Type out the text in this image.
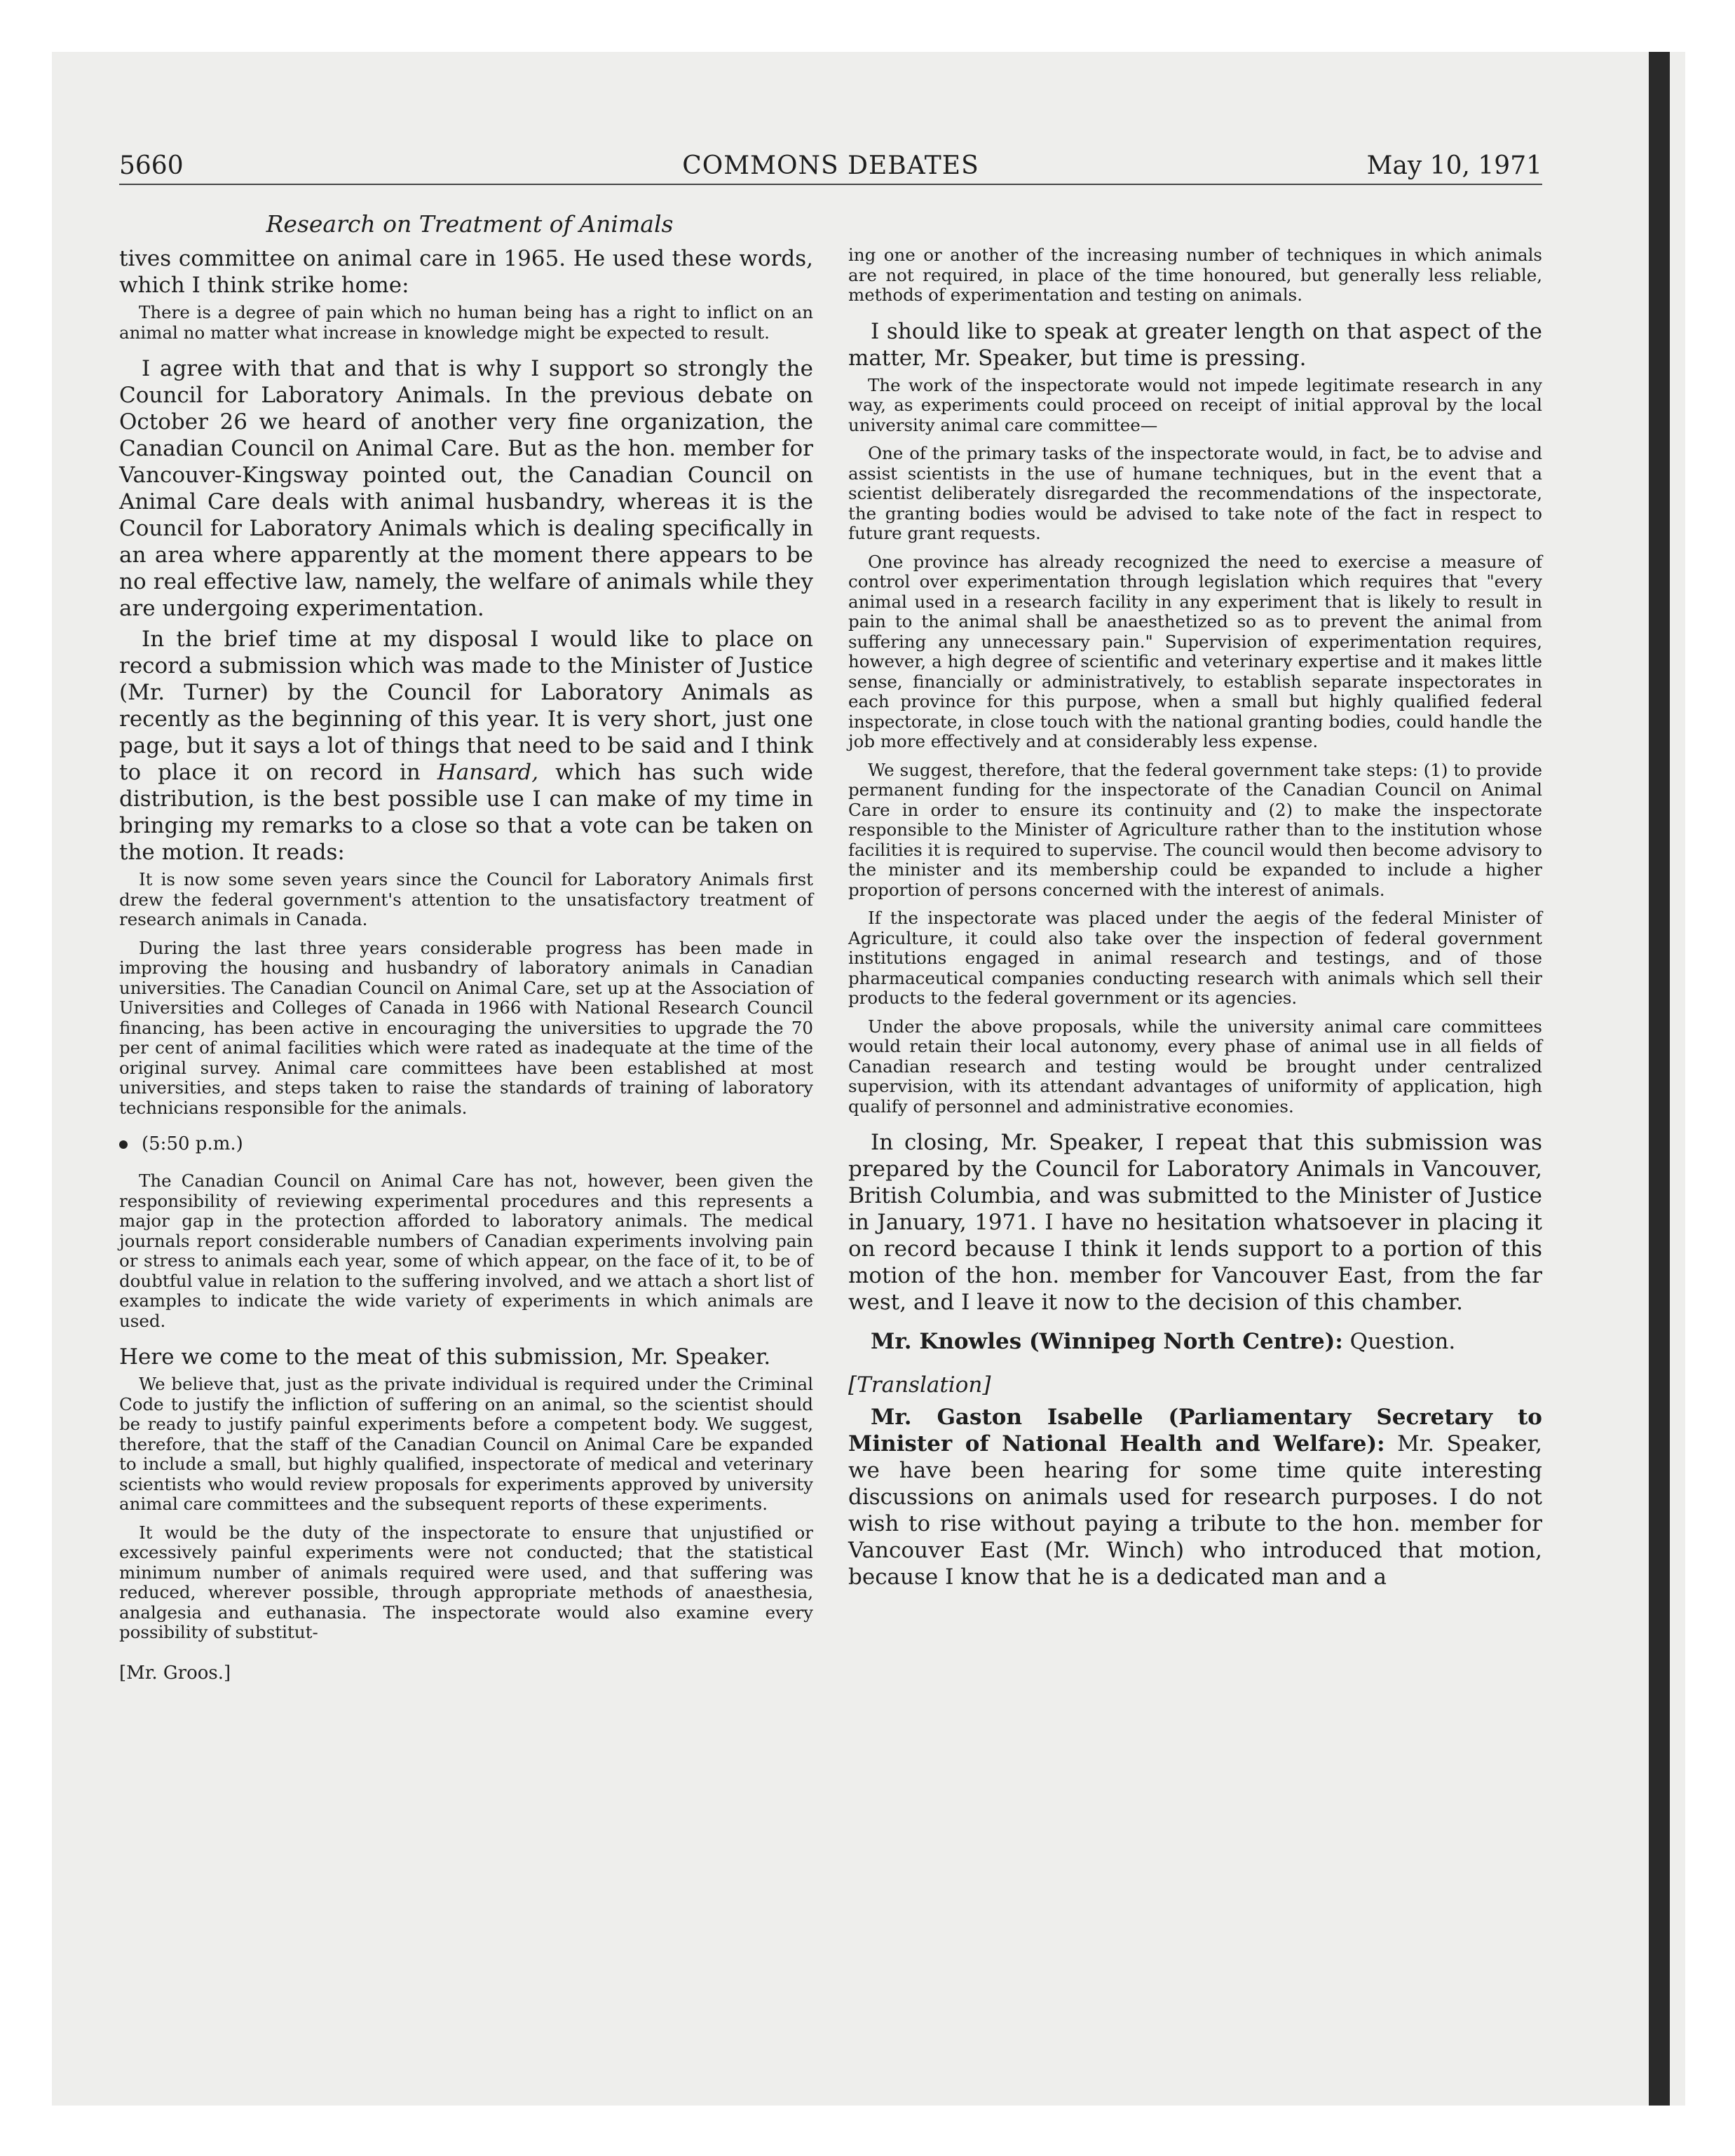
5660	COMMONS DEBATES	May 10, 1971
Research on Treatment of Animals

tives committee on animal care in 1965. He used these words, which I think strike home:

There is a degree of pain which no human being has a right to inflict on an animal no matter what increase in knowledge might be expected to result.

I agree with that and that is why I support so strongly the Council for Laboratory Animals. In the previous debate on October 26 we heard of another very fine organization, the Canadian Council on Animal Care. But as the hon. member for Vancouver-Kingsway pointed out, the Canadian Council on Animal Care deals with animal husbandry, whereas it is the Council for Laboratory Animals which is dealing specifically in an area where apparently at the moment there appears to be no real effective law, namely, the welfare of animals while they are undergoing experimentation.

In the brief time at my disposal I would like to place on record a submission which was made to the Minister of Justice (Mr. Turner) by the Council for Laboratory Animals as recently as the beginning of this year. It is very short, just one page, but it says a lot of things that need to be said and I think to place it on record in Hansard, which has such wide distribution, is the best possible use I can make of my time in bringing my remarks to a close so that a vote can be taken on the motion. It reads:

It is now some seven years since the Council for Laboratory Animals first drew the federal government's attention to the unsatisfactory treatment of research animals in Canada.

During the last three years considerable progress has been made in improving the housing and husbandry of laboratory animals in Canadian universities. The Canadian Council on Animal Care, set up at the Association of Universities and Colleges of Canada in 1966 with National Research Council financing, has been active in encouraging the universities to upgrade the 70 per cent of animal facilities which were rated as inadequate at the time of the original survey. Animal care committees have been established at most universities, and steps taken to raise the standards of training of laboratory technicians responsible for the animals.

(5:50 p.m.)

The Canadian Council on Animal Care has not, however, been given the responsibility of reviewing experimental procedures and this represents a major gap in the protection afforded to laboratory animals. The medical journals report considerable numbers of Canadian experiments involving pain or stress to animals each year, some of which appear, on the face of it, to be of doubtful value in relation to the suffering involved, and we attach a short list of examples to indicate the wide variety of experiments in which animals are used.

Here we come to the meat of this submission, Mr. Speaker.

We believe that, just as the private individual is required under the Criminal Code to justify the infliction of suffering on an animal, so the scientist should be ready to justify painful experiments before a competent body. We suggest, therefore, that the staff of the Canadian Council on Animal Care be expanded to include a small, but highly qualified, inspectorate of medical and veterinary scientists who would review proposals for experiments approved by university animal care committees and the subsequent reports of these experiments.

It would be the duty of the inspectorate to ensure that unjustified or excessively painful experiments were not conducted; that the statistical minimum number of animals required were used, and that suffering was reduced, wherever possible, through appropriate methods of anaesthesia, analgesia and euthanasia. The inspectorate would also examine every possibility of substitut-

[Mr. Groos.]

ing one or another of the increasing number of techniques in which animals are not required, in place of the time honoured, but generally less reliable, methods of experimentation and testing on animals.

I should like to speak at greater length on that aspect of the matter, Mr. Speaker, but time is pressing.

The work of the inspectorate would not impede legitimate research in any way, as experiments could proceed on receipt of initial approval by the local university animal care committee—

One of the primary tasks of the inspectorate would, in fact, be to advise and assist scientists in the use of humane techniques, but in the event that a scientist deliberately disregarded the recommendations of the inspectorate, the granting bodies would be advised to take note of the fact in respect to future grant requests.

One province has already recognized the need to exercise a measure of control over experimentation through legislation which requires that "every animal used in a research facility in any experiment that is likely to result in pain to the animal shall be anaesthetized so as to prevent the animal from suffering any unnecessary pain." Supervision of experimentation requires, however, a high degree of scientific and veterinary expertise and it makes little sense, financially or administratively, to establish separate inspectorates in each province for this purpose, when a small but highly qualified federal inspectorate, in close touch with the national granting bodies, could handle the job more effectively and at considerably less expense.

We suggest, therefore, that the federal government take steps: (1) to provide permanent funding for the inspectorate of the Canadian Council on Animal Care in order to ensure its continuity and (2) to make the inspectorate responsible to the Minister of Agriculture rather than to the institution whose facilities it is required to supervise. The council would then become advisory to the minister and its membership could be expanded to include a higher proportion of persons concerned with the interest of animals.

If the inspectorate was placed under the aegis of the federal Minister of Agriculture, it could also take over the inspection of federal government institutions engaged in animal research and testings, and of those pharmaceutical companies conducting research with animals which sell their products to the federal government or its agencies.

Under the above proposals, while the university animal care committees would retain their local autonomy, every phase of animal use in all fields of Canadian research and testing would be brought under centralized supervision, with its attendant advantages of uniformity of application, high qualify of personnel and administrative economies.

In closing, Mr. Speaker, I repeat that this submission was prepared by the Council for Laboratory Animals in Vancouver, British Columbia, and was submitted to the Minister of Justice in January, 1971. I have no hesitation whatsoever in placing it on record because I think it lends support to a portion of this motion of the hon. member for Vancouver East, from the far west, and I leave it now to the decision of this chamber.

Mr. Knowles (Winnipeg North Centre): Question.

[Translation]

Mr. Gaston Isabelle (Parliamentary Secretary to Minister of National Health and Welfare): Mr. Speaker, we have been hearing for some time quite interesting discussions on animals used for research purposes. I do not wish to rise without paying a tribute to the hon. member for Vancouver East (Mr. Winch) who introduced that motion, because I know that he is a dedicated man and a
